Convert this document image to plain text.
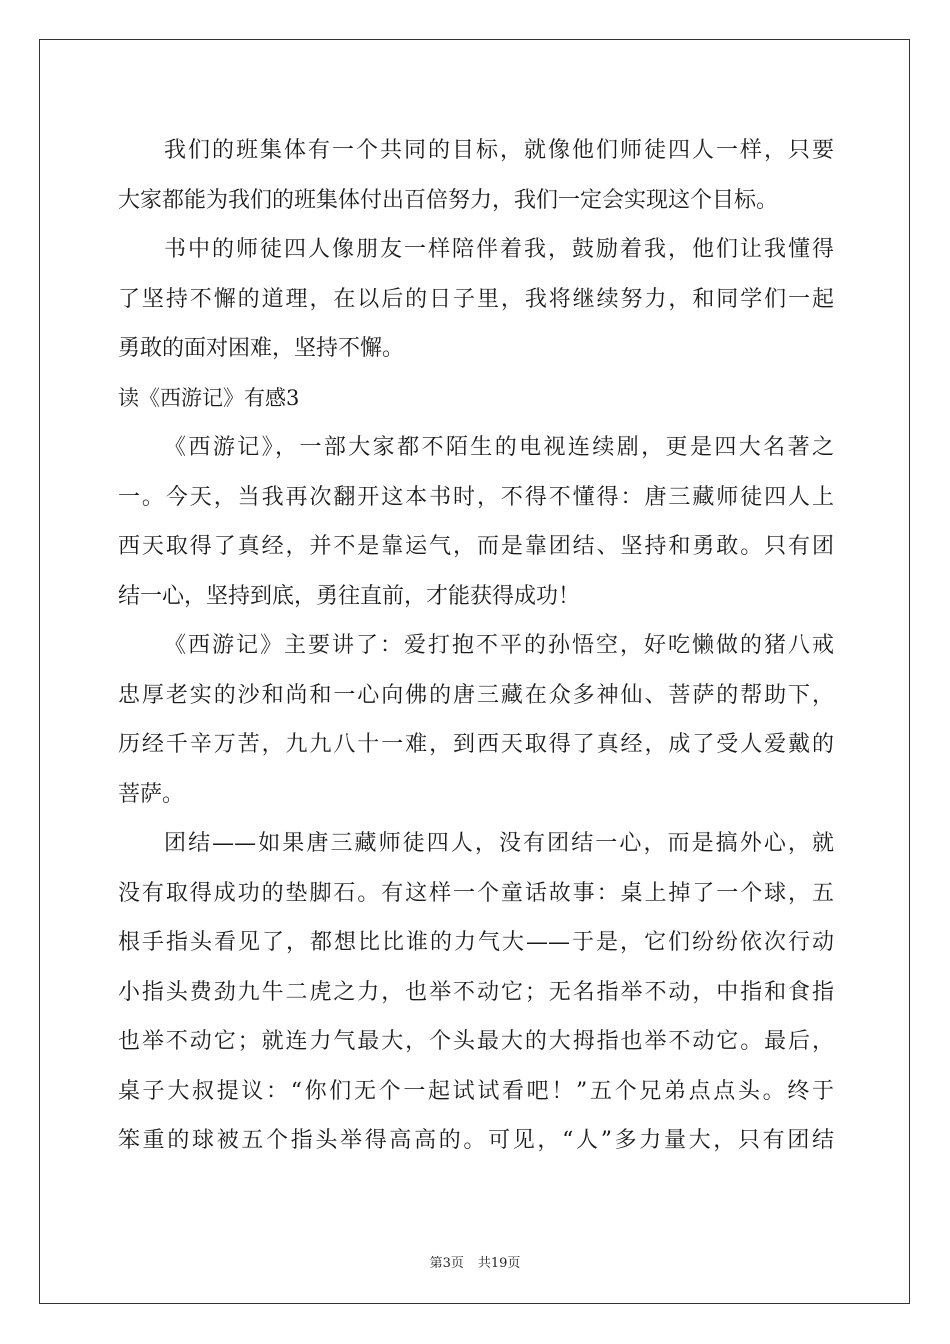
我们的班集体有一个共同的目标，就像他们师徒四人一样，只要
大家都能为我们的班集体付出百倍努力，我们一定会实现这个目标。
书中的师徒四人像朋友一样陪伴着我，鼓励着我，他们让我懂得
了坚持不懈的道理，在以后的日子里，我将继续努力，和同学们一起
勇敢的面对困难，坚持不懈。
读《西游记》有感3
《西游记》，一部大家都不陌生的电视连续剧，更是四大名著之
一。今天，当我再次翻开这本书时，不得不懂得：唐三藏师徒四人上
西天取得了真经，并不是靠运气，而是靠团结、坚持和勇敢。只有团
结一心，坚持到底，勇往直前，才能获得成功！
《西游记》主要讲了：爱打抱不平的孙悟空，好吃懒做的猪八戒
忠厚老实的沙和尚和一心向佛的唐三藏在众多神仙、菩萨的帮助下，
历经千辛万苦，九九八十一难，到西天取得了真经，成了受人爱戴的
菩萨。
团结——如果唐三藏师徒四人，没有团结一心，而是搞外心，就
没有取得成功的垫脚石。有这样一个童话故事：桌上掉了一个球，五
根手指头看见了，都想比比谁的力气大——于是，它们纷纷依次行动
小指头费劲九牛二虎之力，也举不动它；无名指举不动，中指和食指
也举不动它；就连力气最大，个头最大的大拇指也举不动它。最后，
桌子大叔提议：“你们无个一起试试看吧！”五个兄弟点点头。终于
笨重的球被五个指头举得高高的。可见，“人”多力量大，只有团结
第3页 共19页
